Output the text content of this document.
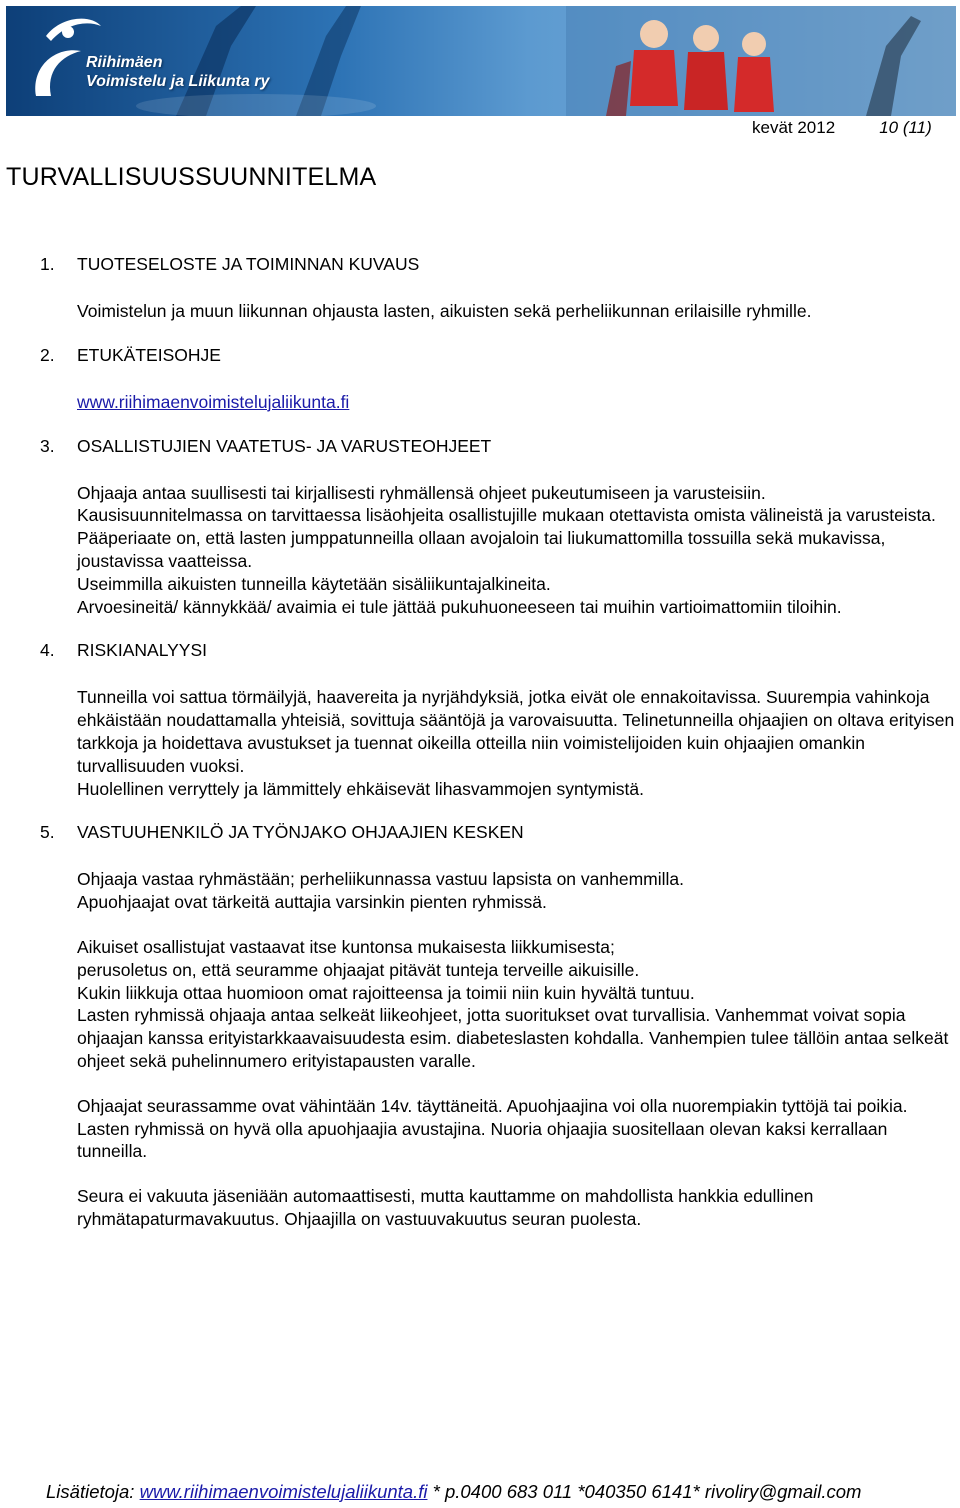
Riihimäen
Voimistelu ja Liikunta ry
kevät 2012	10 (11)
TURVALLISUUSSUUNNITELMA
1. TUOTESELOSTE JA TOIMINNAN KUVAUS

Voimistelun ja muun liikunnan ohjausta lasten, aikuisten sekä perheliikunnan erilaisille ryhmille.

2. ETUKÄTEISOHJE

www.riihimaenvoimistelujaliikunta.fi

3. OSALLISTUJIEN VAATETUS- JA VARUSTEOHJEET

Ohjaaja antaa suullisesti tai kirjallisesti ryhmällensä ohjeet pukeutumiseen ja varusteisiin.

Kausisuunnitelmassa on tarvittaessa lisäohjeita osallistujille mukaan otettavista omista välineistä ja varusteista.

Pääperiaate on, että lasten jumppatunneilla ollaan avojaloin tai liukumattomilla tossuilla sekä mukavissa, joustavissa vaatteissa.

Useimmilla aikuisten tunneilla käytetään sisäliikuntajalkineita.

Arvoesineitä/ kännykkää/ avaimia ei tule jättää pukuhuoneeseen tai muihin vartioimattomiin tiloihin.

4. RISKIANALYYSI

Tunneilla voi sattua törmäilyjä, haavereita ja nyrjähdyksiä, jotka eivät ole ennakoitavissa. Suurempia vahinkoja ehkäistään noudattamalla yhteisiä, sovittuja sääntöjä ja varovaisuutta. Telinetunneilla ohjaajien on oltava erityisen tarkkoja ja hoidettava avustukset ja tuennat oikeilla otteilla niin voimistelijoiden kuin ohjaajien omankin turvallisuuden vuoksi.

Huolellinen verryttely ja lämmittely ehkäisevät lihasvammojen syntymistä.

5. VASTUUHENKILÖ JA TYÖNJAKO OHJAAJIEN KESKEN

Ohjaaja vastaa ryhmästään; perheliikunnassa vastuu lapsista on vanhemmilla.

Apuohjaajat ovat tärkeitä auttajia varsinkin pienten ryhmissä.

Aikuiset osallistujat vastaavat itse kuntonsa mukaisesta liikkumisesta;

perusoletus on, että seuramme ohjaajat pitävät tunteja terveille aikuisille.

Kukin liikkuja ottaa huomioon omat rajoitteensa ja toimii niin kuin hyvältä tuntuu.

Lasten ryhmissä ohjaaja antaa selkeät liikeohjeet, jotta suoritukset ovat turvallisia. Vanhemmat voivat sopia ohjaajan kanssa erityistarkkaavaisuudesta esim. diabeteslasten kohdalla. Vanhempien tulee tällöin antaa selkeät ohjeet sekä puhelinnumero erityistapausten varalle.

Ohjaajat seurassamme ovat vähintään 14v. täyttäneitä. Apuohjaajina voi olla nuorempiakin tyttöjä tai poikia. Lasten ryhmissä on hyvä olla apuohjaajia avustajina. Nuoria ohjaajia suositellaan olevan kaksi kerrallaan tunneilla.

Seura ei vakuuta jäseniään automaattisesti, mutta kauttamme on mahdollista hankkia edullinen ryhmätapaturmavakuutus. Ohjaajilla on vastuuvakuutus seuran puolesta.

Lisätietoja: www.riihimaenvoimistelujaliikunta.fi * p.0400 683 011 *040350 6141* rivoliry@gmail.com
